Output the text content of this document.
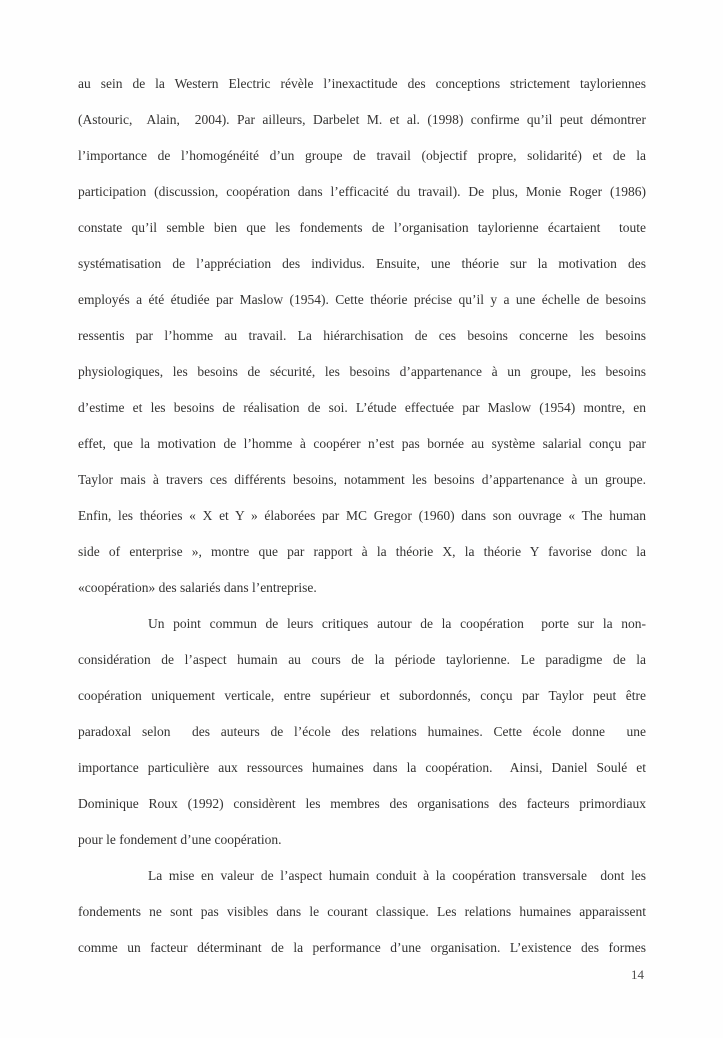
au sein de la Western Electric révèle l’inexactitude des conceptions strictement tayloriennes
(Astouric,  Alain,  2004). Par ailleurs, Darbelet M. et al. (1998) confirme qu’il peut démontrer
l’importance de l’homogénéité d’un groupe de travail (objectif propre, solidarité) et de la
participation (discussion, coopération dans l’efficacité du travail). De plus, Monie Roger (1986)
constate qu’il semble bien que les fondements de l’organisation taylorienne écartaient  toute
systématisation de l’appréciation des individus. Ensuite, une théorie sur la motivation des
employés a été étudiée par Maslow (1954). Cette théorie précise qu’il y a une échelle de besoins
ressentis par l’homme au travail. La hiérarchisation de ces besoins concerne les besoins
physiologiques, les besoins de sécurité, les besoins d’appartenance à un groupe, les besoins
d’estime et les besoins de réalisation de soi. L’étude effectuée par Maslow (1954) montre, en
effet, que la motivation de l’homme à coopérer n’est pas bornée au système salarial conçu par
Taylor mais à travers ces différents besoins, notamment les besoins d’appartenance à un groupe.
Enfin, les théories « X et Y » élaborées par MC Gregor (1960) dans son ouvrage « The human
side of enterprise », montre que par rapport à la théorie X, la théorie Y favorise donc la
«coopération» des salariés dans l’entreprise.
Un point commun de leurs critiques autour de la coopération  porte sur la non-
considération de l’aspect humain au cours de la période taylorienne. Le paradigme de la
coopération uniquement verticale, entre supérieur et subordonnés, conçu par Taylor peut être
paradoxal selon  des auteurs de l’école des relations humaines. Cette école donne  une
importance particulière aux ressources humaines dans la coopération.  Ainsi, Daniel Soulé et
Dominique Roux (1992) considèrent les membres des organisations des facteurs primordiaux
pour le fondement d’une coopération.
La mise en valeur de l’aspect humain conduit à la coopération transversale  dont les
fondements ne sont pas visibles dans le courant classique. Les relations humaines apparaissent
comme un facteur déterminant de la performance d’une organisation. L’existence des formes
14
